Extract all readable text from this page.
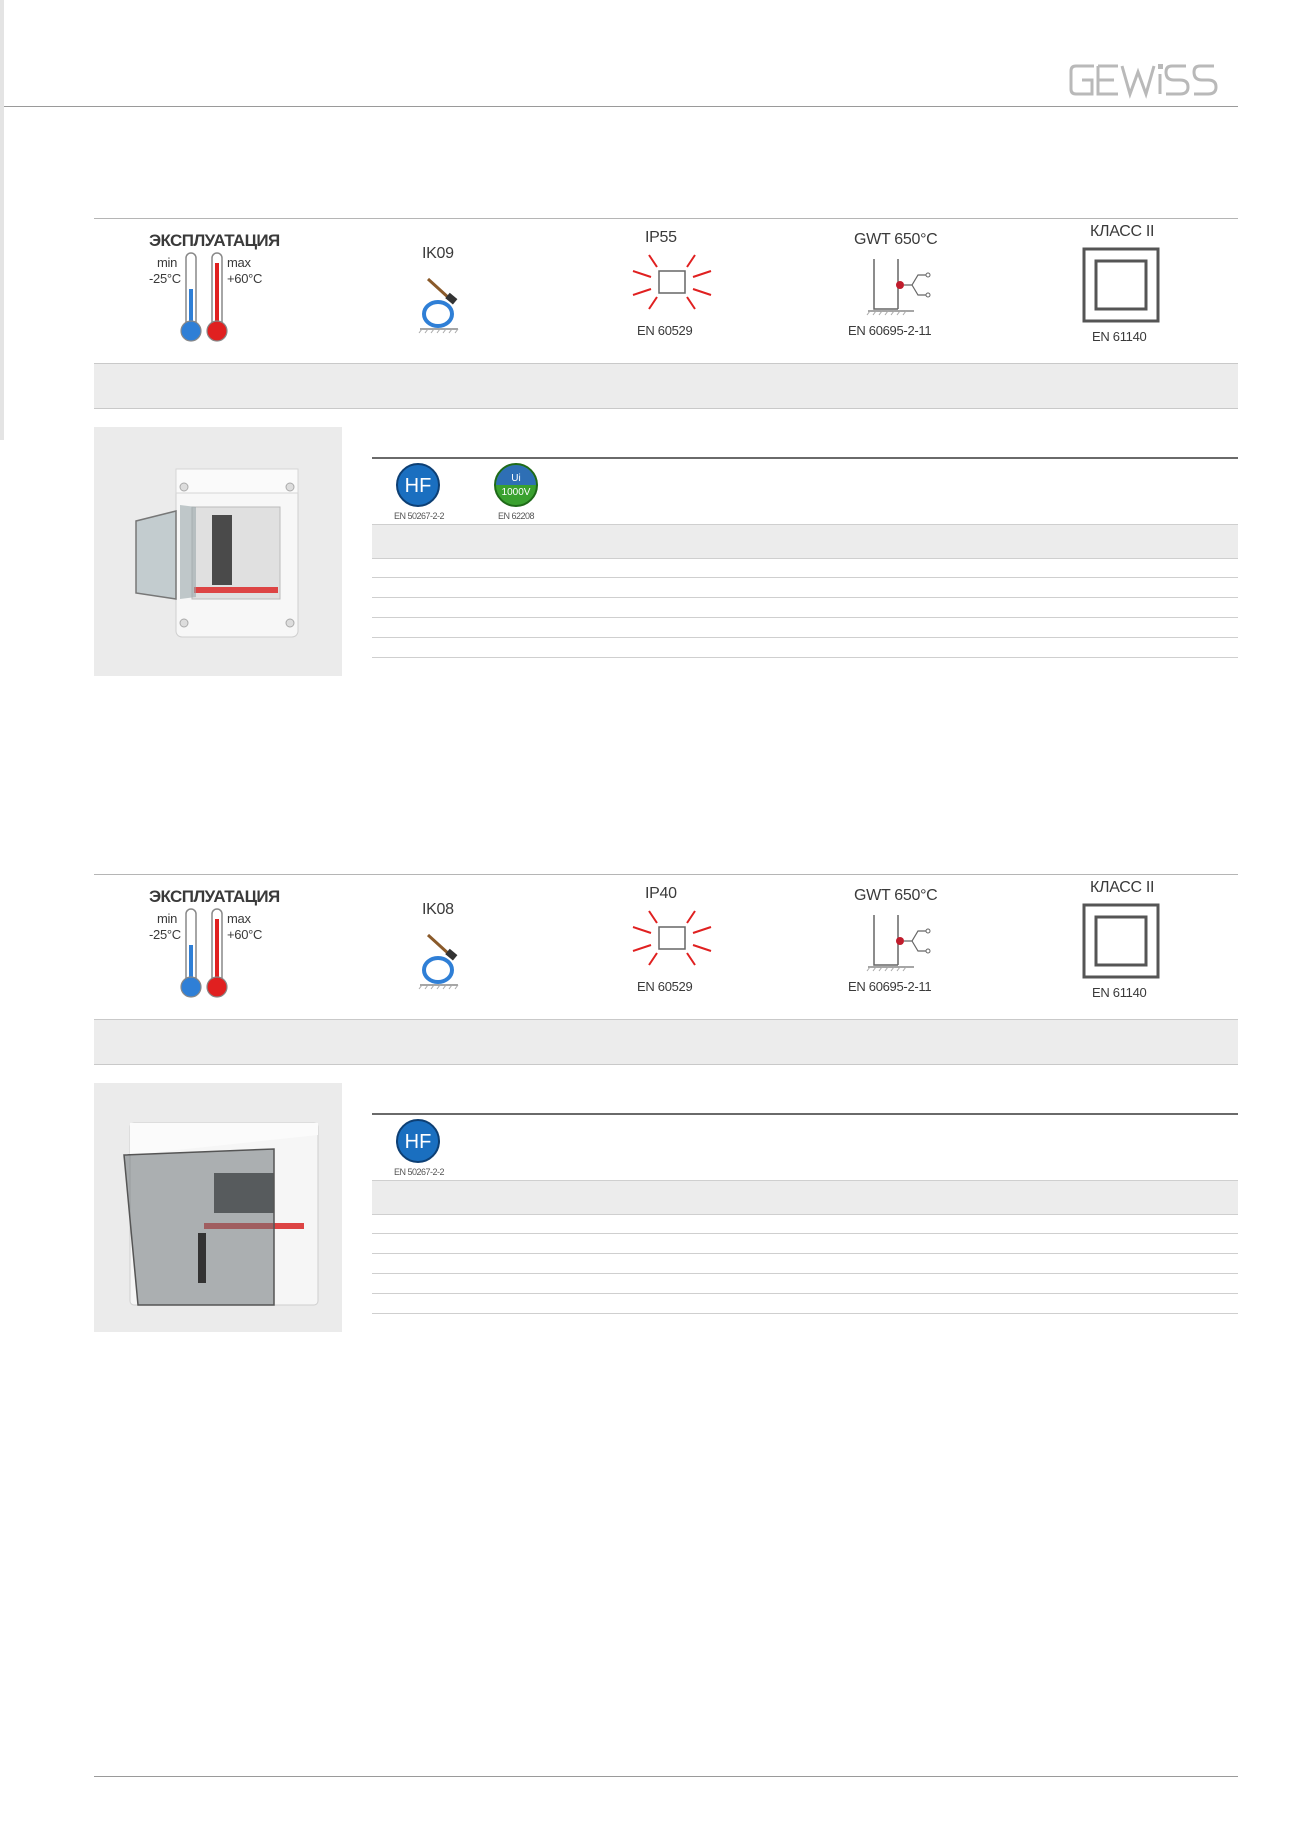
ЭКСПЛУАТАЦИЯ
min
-25°C
max
+60°C
IK09
IP55
EN 60529
GWT 650°C
EN 60695-2-11
КЛАСС II
EN 61140
HF
EN 50267-2-2
Ui
1000V
EN 62208
ЭКСПЛУАТАЦИЯ
min
-25°C
max
+60°C
IK08
IP40
EN 60529
GWT 650°C
EN 60695-2-11
КЛАСС II
EN 61140
HF
EN 50267-2-2
